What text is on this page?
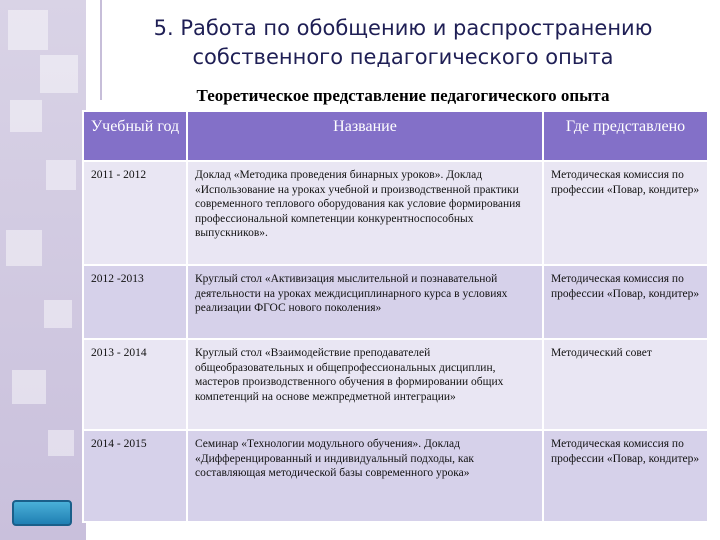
5. Работа по обобщению и распространению
собственного педагогического опыта
Теоретическое представление педагогического опыта
Учебный год	Название	Где представлено
2011 - 2012	Доклад «Методика проведения бинарных уроков». Доклад «Использование на уроках учебной и производственной практики современного теплового оборудования как условие формирования профессиональной компетенции конкурентноспособных выпускников».	Методическая комиссия по профессии «Повар, кондитер»
2012 -2013	Круглый стол «Активизация мыслительной и познавательной деятельности на уроках междисциплинарного курса в условиях реализации ФГОС нового поколения»	Методическая комиссия по профессии «Повар, кондитер»
2013 - 2014	Круглый стол «Взаимодействие преподавателей общеобразовательных и общепрофессиональных дисциплин, мастеров производственного обучения в формировании общих компетенций на основе межпредметной интеграции»	Методический совет
2014 - 2015	Семинар «Технологии модульного обучения». Доклад «Дифференцированный и индивидуальный подходы, как составляющая методической базы современного урока»	Методическая комиссия по профессии «Повар, кондитер»
